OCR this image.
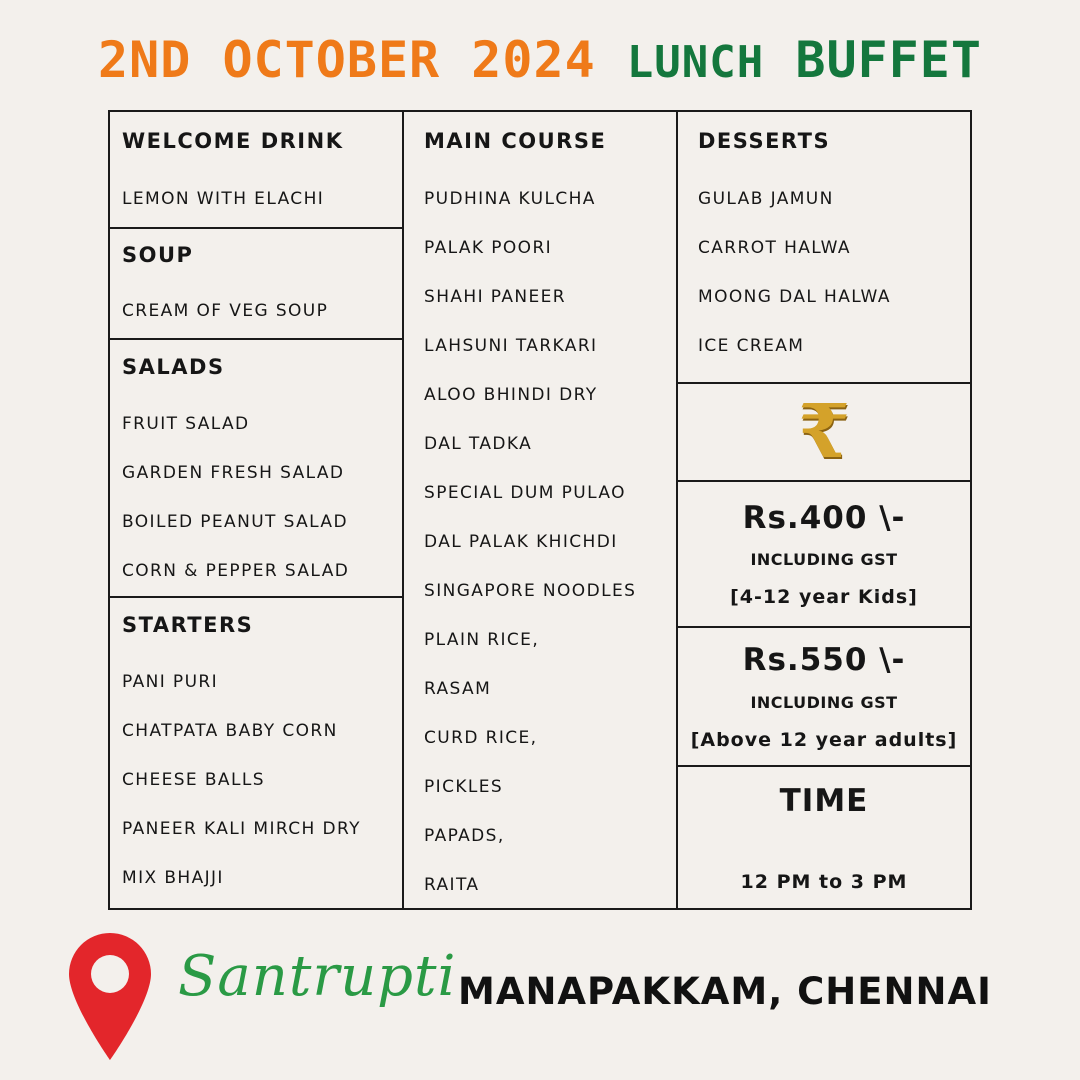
2ND OCTOBER 2024 LUNCH BUFFET
WELCOME DRINK
LEMON WITH ELACHI
SOUP
CREAM OF VEG SOUP
SALADS
FRUIT SALAD
GARDEN FRESH SALAD
BOILED PEANUT SALAD
CORN & PEPPER SALAD
STARTERS
PANI PURI
CHATPATA BABY CORN
CHEESE BALLS
PANEER KALI MIRCH DRY
MIX BHAJJI
MAIN COURSE
PUDHINA KULCHA
PALAK POORI
SHAHI PANEER
LAHSUNI TARKARI
ALOO BHINDI DRY
DAL TADKA
SPECIAL DUM PULAO
DAL PALAK KHICHDI
SINGAPORE NOODLES
PLAIN RICE,
RASAM
CURD RICE,
PICKLES
PAPADS,
RAITA
DESSERTS
GULAB JAMUN
CARROT HALWA
MOONG DAL HALWA
ICE CREAM
₹
Rs.400 \-
INCLUDING GST
[4-12 year Kids]
Rs.550 \-
INCLUDING GST
[Above 12 year adults]
TIME
12 PM to 3 PM
Santrupti MANAPAKKAM, CHENNAI
